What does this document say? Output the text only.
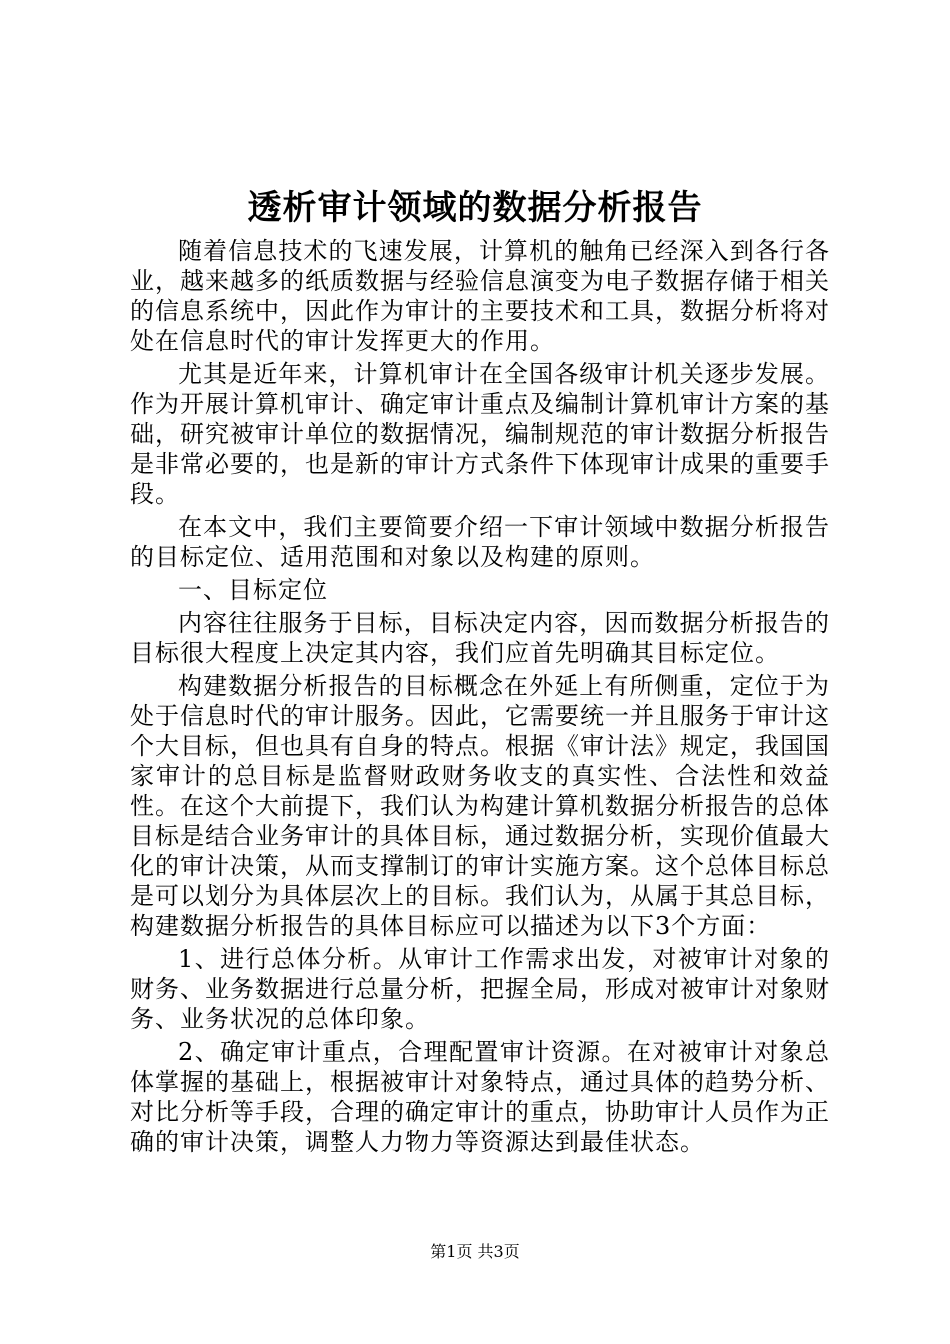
透析审计领域的数据分析报告

随着信息技术的飞速发展，计算机的触角已经深入到各行各业，越来越多的纸质数据与经验信息演变为电子数据存储于相关的信息系统中，因此作为审计的主要技术和工具，数据分析将对处在信息时代的审计发挥更大的作用。

尤其是近年来，计算机审计在全国各级审计机关逐步发展。作为开展计算机审计、确定审计重点及编制计算机审计方案的基础，研究被审计单位的数据情况，编制规范的审计数据分析报告是非常必要的，也是新的审计方式条件下体现审计成果的重要手段。

在本文中，我们主要简要介绍一下审计领域中数据分析报告的目标定位、适用范围和对象以及构建的原则。

一、目标定位

内容往往服务于目标，目标决定内容，因而数据分析报告的目标很大程度上决定其内容，我们应首先明确其目标定位。

构建数据分析报告的目标概念在外延上有所侧重，定位于为处于信息时代的审计服务。因此，它需要统一并且服务于审计这个大目标，但也具有自身的特点。根据《审计法》规定，我国国家审计的总目标是监督财政财务收支的真实性、合法性和效益性。在这个大前提下，我们认为构建计算机数据分析报告的总体目标是结合业务审计的具体目标，通过数据分析，实现价值最大化的审计决策，从而支撑制订的审计实施方案。这个总体目标总是可以划分为具体层次上的目标。我们认为，从属于其总目标，构建数据分析报告的具体目标应可以描述为以下3个方面：

1、进行总体分析。从审计工作需求出发，对被审计对象的财务、业务数据进行总量分析，把握全局，形成对被审计对象财务、业务状况的总体印象。

2、确定审计重点，合理配置审计资源。在对被审计对象总体掌握的基础上，根据被审计对象特点，通过具体的趋势分析、对比分析等手段，合理的确定审计的重点，协助审计人员作为正确的审计决策，调整人力物力等资源达到最佳状态。

第1页 共3页
